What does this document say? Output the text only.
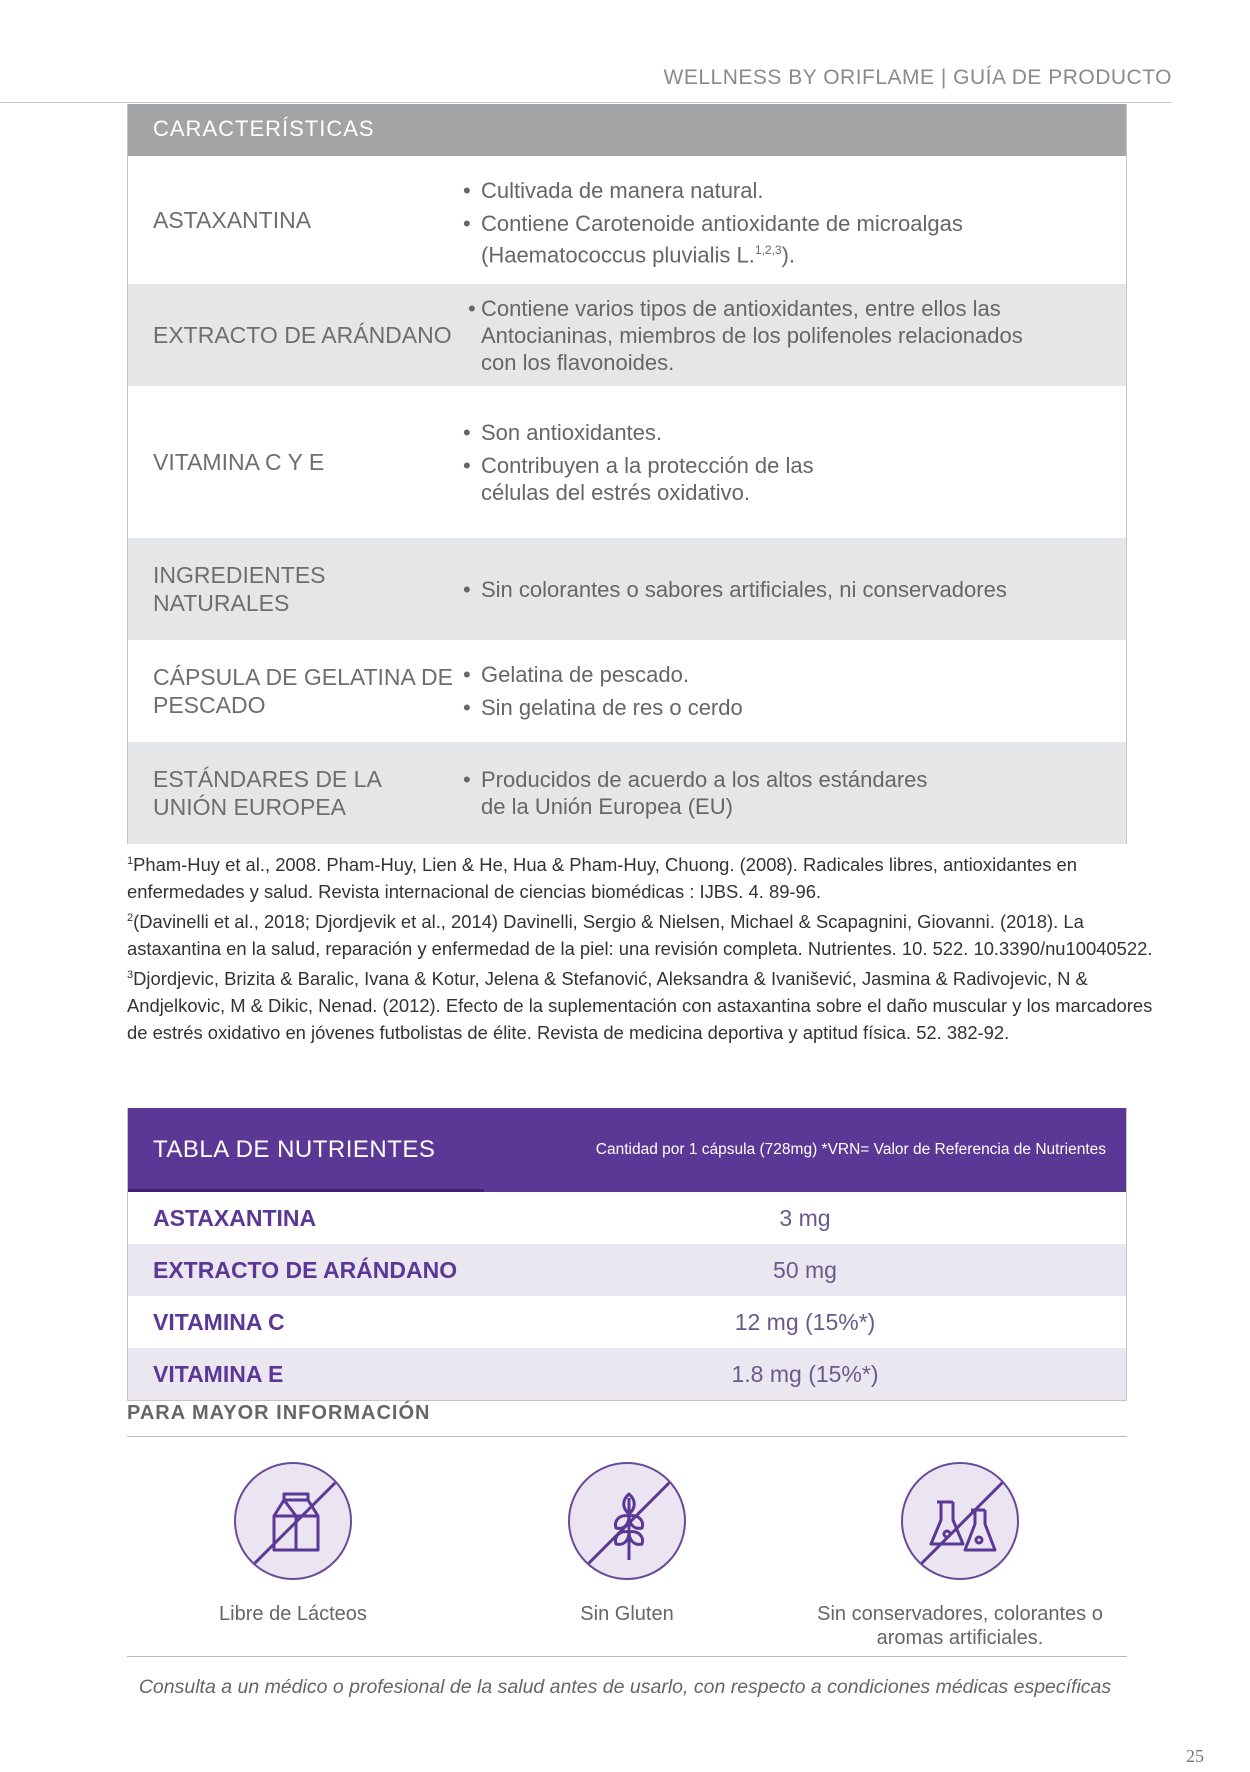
WELLNESS BY ORIFLAME | GUÍA DE PRODUCTO
CARACTERÍSTICAS
ASTAXANTINA
• Cultivada de manera natural.
• Contiene Carotenoide antioxidante de microalgas
(Haematococcus pluvialis L.$^{1,2,3}$).
EXTRACTO DE ARÁNDANO
• Contiene varios tipos de antioxidantes, entre ellos las Antocianinas, miembros de los polifenoles relacionados con los flavonoides.
VITAMINA C Y E
• Son antioxidantes.
• Contribuyen a la protección de las células del estrés oxidativo.
INGREDIENTES NATURALES
• Sin colorantes o sabores artificiales, ni conservadores
CÁPSULA DE GELATINA DE PESCADO
• Gelatina de pescado.
• Sin gelatina de res o cerdo
ESTÁNDARES DE LA UNIÓN EUROPEA
• Producidos de acuerdo a los altos estándares de la Unión Europea (EU)

$^1$Pham-Huy et al., 2008. Pham-Huy, Lien & He, Hua & Pham-Huy, Chuong. (2008). Radicales libres, antioxidantes en enfermedades y salud. Revista internacional de ciencias biomédicas : IJBS. 4. 89-96.

$^2$(Davinelli et al., 2018; Djordjevik et al., 2014) Davinelli, Sergio & Nielsen, Michael & Scapagnini, Giovanni. (2018). La astaxantina en la salud, reparación y enfermedad de la piel: una revisión completa. Nutrientes. 10. 522. 10.3390/nu10040522.

$^3$Djordjevic, Brizita & Baralic, Ivana & Kotur, Jelena & Stefanović, Aleksandra & Ivanišević, Jasmina & Radivojevic, N & Andjelkovic, M & Dikic, Nenad. (2012). Efecto de la suplementación con astaxantina sobre el daño muscular y los marcadores de estrés oxidativo en jóvenes futbolistas de élite. Revista de medicina deportiva y aptitud física. 52. 382-92.

TABLA DE NUTRIENTES	Cantidad por 1 cápsula (728mg) *VRN= Valor de Referencia de Nutrientes
ASTAXANTINA	3 mg
EXTRACTO DE ARÁNDANO	50 mg
VITAMINA C	12 mg (15%*)
VITAMINA E	1.8 mg (15%*)
PARA MAYOR INFORMACIÓN
Libre de Lácteos	Sin Gluten	Sin conservadores, colorantes o aromas artificiales.
Consulta a un médico o profesional de la salud antes de usarlo, con respecto a condiciones médicas específicas
25
